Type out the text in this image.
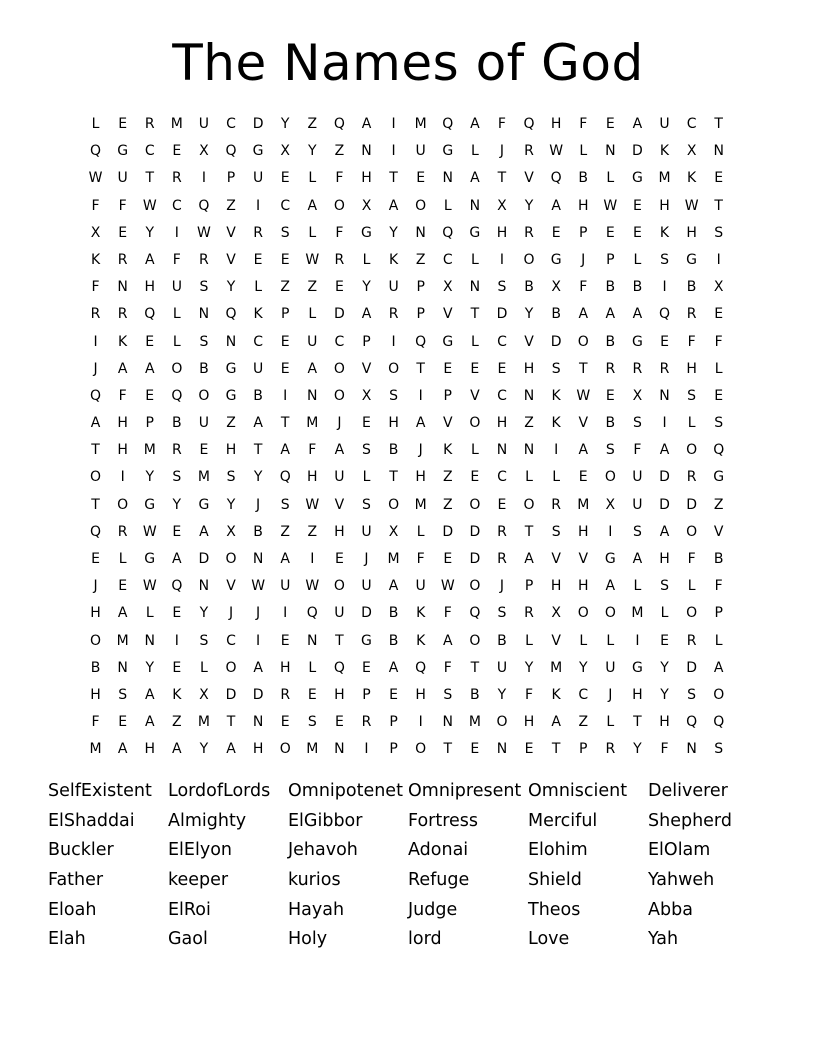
The Names of God
L	E	R	M	U	C	D	Y	Z	Q	A	I	M	Q	A	F	Q	H	F	E	A	U	C	T
Q	G	C	E	X	Q	G	X	Y	Z	N	I	U	G	L	J	R	W	L	N	D	K	X	N
W	U	T	R	I	P	U	E	L	F	H	T	E	N	A	T	V	Q	B	L	G	M	K	E
F	F	W	C	Q	Z	I	C	A	O	X	A	O	L	N	X	Y	A	H	W	E	H	W	T
X	E	Y	I	W	V	R	S	L	F	G	Y	N	Q	G	H	R	E	P	E	E	K	H	S
K	R	A	F	R	V	E	E	W	R	L	K	Z	C	L	I	O	G	J	P	L	S	G	I
F	N	H	U	S	Y	L	Z	Z	E	Y	U	P	X	N	S	B	X	F	B	B	I	B	X
R	R	Q	L	N	Q	K	P	L	D	A	R	P	V	T	D	Y	B	A	A	A	Q	R	E
I	K	E	L	S	N	C	E	U	C	P	I	Q	G	L	C	V	D	O	B	G	E	F	F
J	A	A	O	B	G	U	E	A	O	V	O	T	E	E	E	H	S	T	R	R	R	H	L
Q	F	E	Q	O	G	B	I	N	O	X	S	I	P	V	C	N	K	W	E	X	N	S	E
A	H	P	B	U	Z	A	T	M	J	E	H	A	V	O	H	Z	K	V	B	S	I	L	S
T	H	M	R	E	H	T	A	F	A	S	B	J	K	L	N	N	I	A	S	F	A	O	Q
O	I	Y	S	M	S	Y	Q	H	U	L	T	H	Z	E	C	L	L	E	O	U	D	R	G
T	O	G	Y	G	Y	J	S	W	V	S	O	M	Z	O	E	O	R	M	X	U	D	D	Z
Q	R	W	E	A	X	B	Z	Z	H	U	X	L	D	D	R	T	S	H	I	S	A	O	V
E	L	G	A	D	O	N	A	I	E	J	M	F	E	D	R	A	V	V	G	A	H	F	B
J	E	W	Q	N	V	W	U	W	O	U	A	U	W	O	J	P	H	H	A	L	S	L	F
H	A	L	E	Y	J	J	I	Q	U	D	B	K	F	Q	S	R	X	O	O	M	L	O	P
O	M	N	I	S	C	I	E	N	T	G	B	K	A	O	B	L	V	L	L	I	E	R	L
B	N	Y	E	L	O	A	H	L	Q	E	A	Q	F	T	U	Y	M	Y	U	G	Y	D	A
H	S	A	K	X	D	D	R	E	H	P	E	H	S	B	Y	F	K	C	J	H	Y	S	O
F	E	A	Z	M	T	N	E	S	E	R	P	I	N	M	O	H	A	Z	L	T	H	Q	Q
M	A	H	A	Y	A	H	O	M	N	I	P	O	T	E	N	E	T	P	R	Y	F	N	S
SelfExistent LordofLords	Omnipotenet Omnipresent Omniscient	Deliverer
ElShaddai	Almighty	ElGibbor	Fortress	Merciful	Shepherd
Buckler	ElElyon	Jehavoh	Adonai	Elohim	ElOlam
Father	keeper	kurios	Refuge	Shield	Yahweh
Eloah	ElRoi	Hayah	Judge	Theos	Abba
Elah	Gaol	Holy	lord	Love	Yah
